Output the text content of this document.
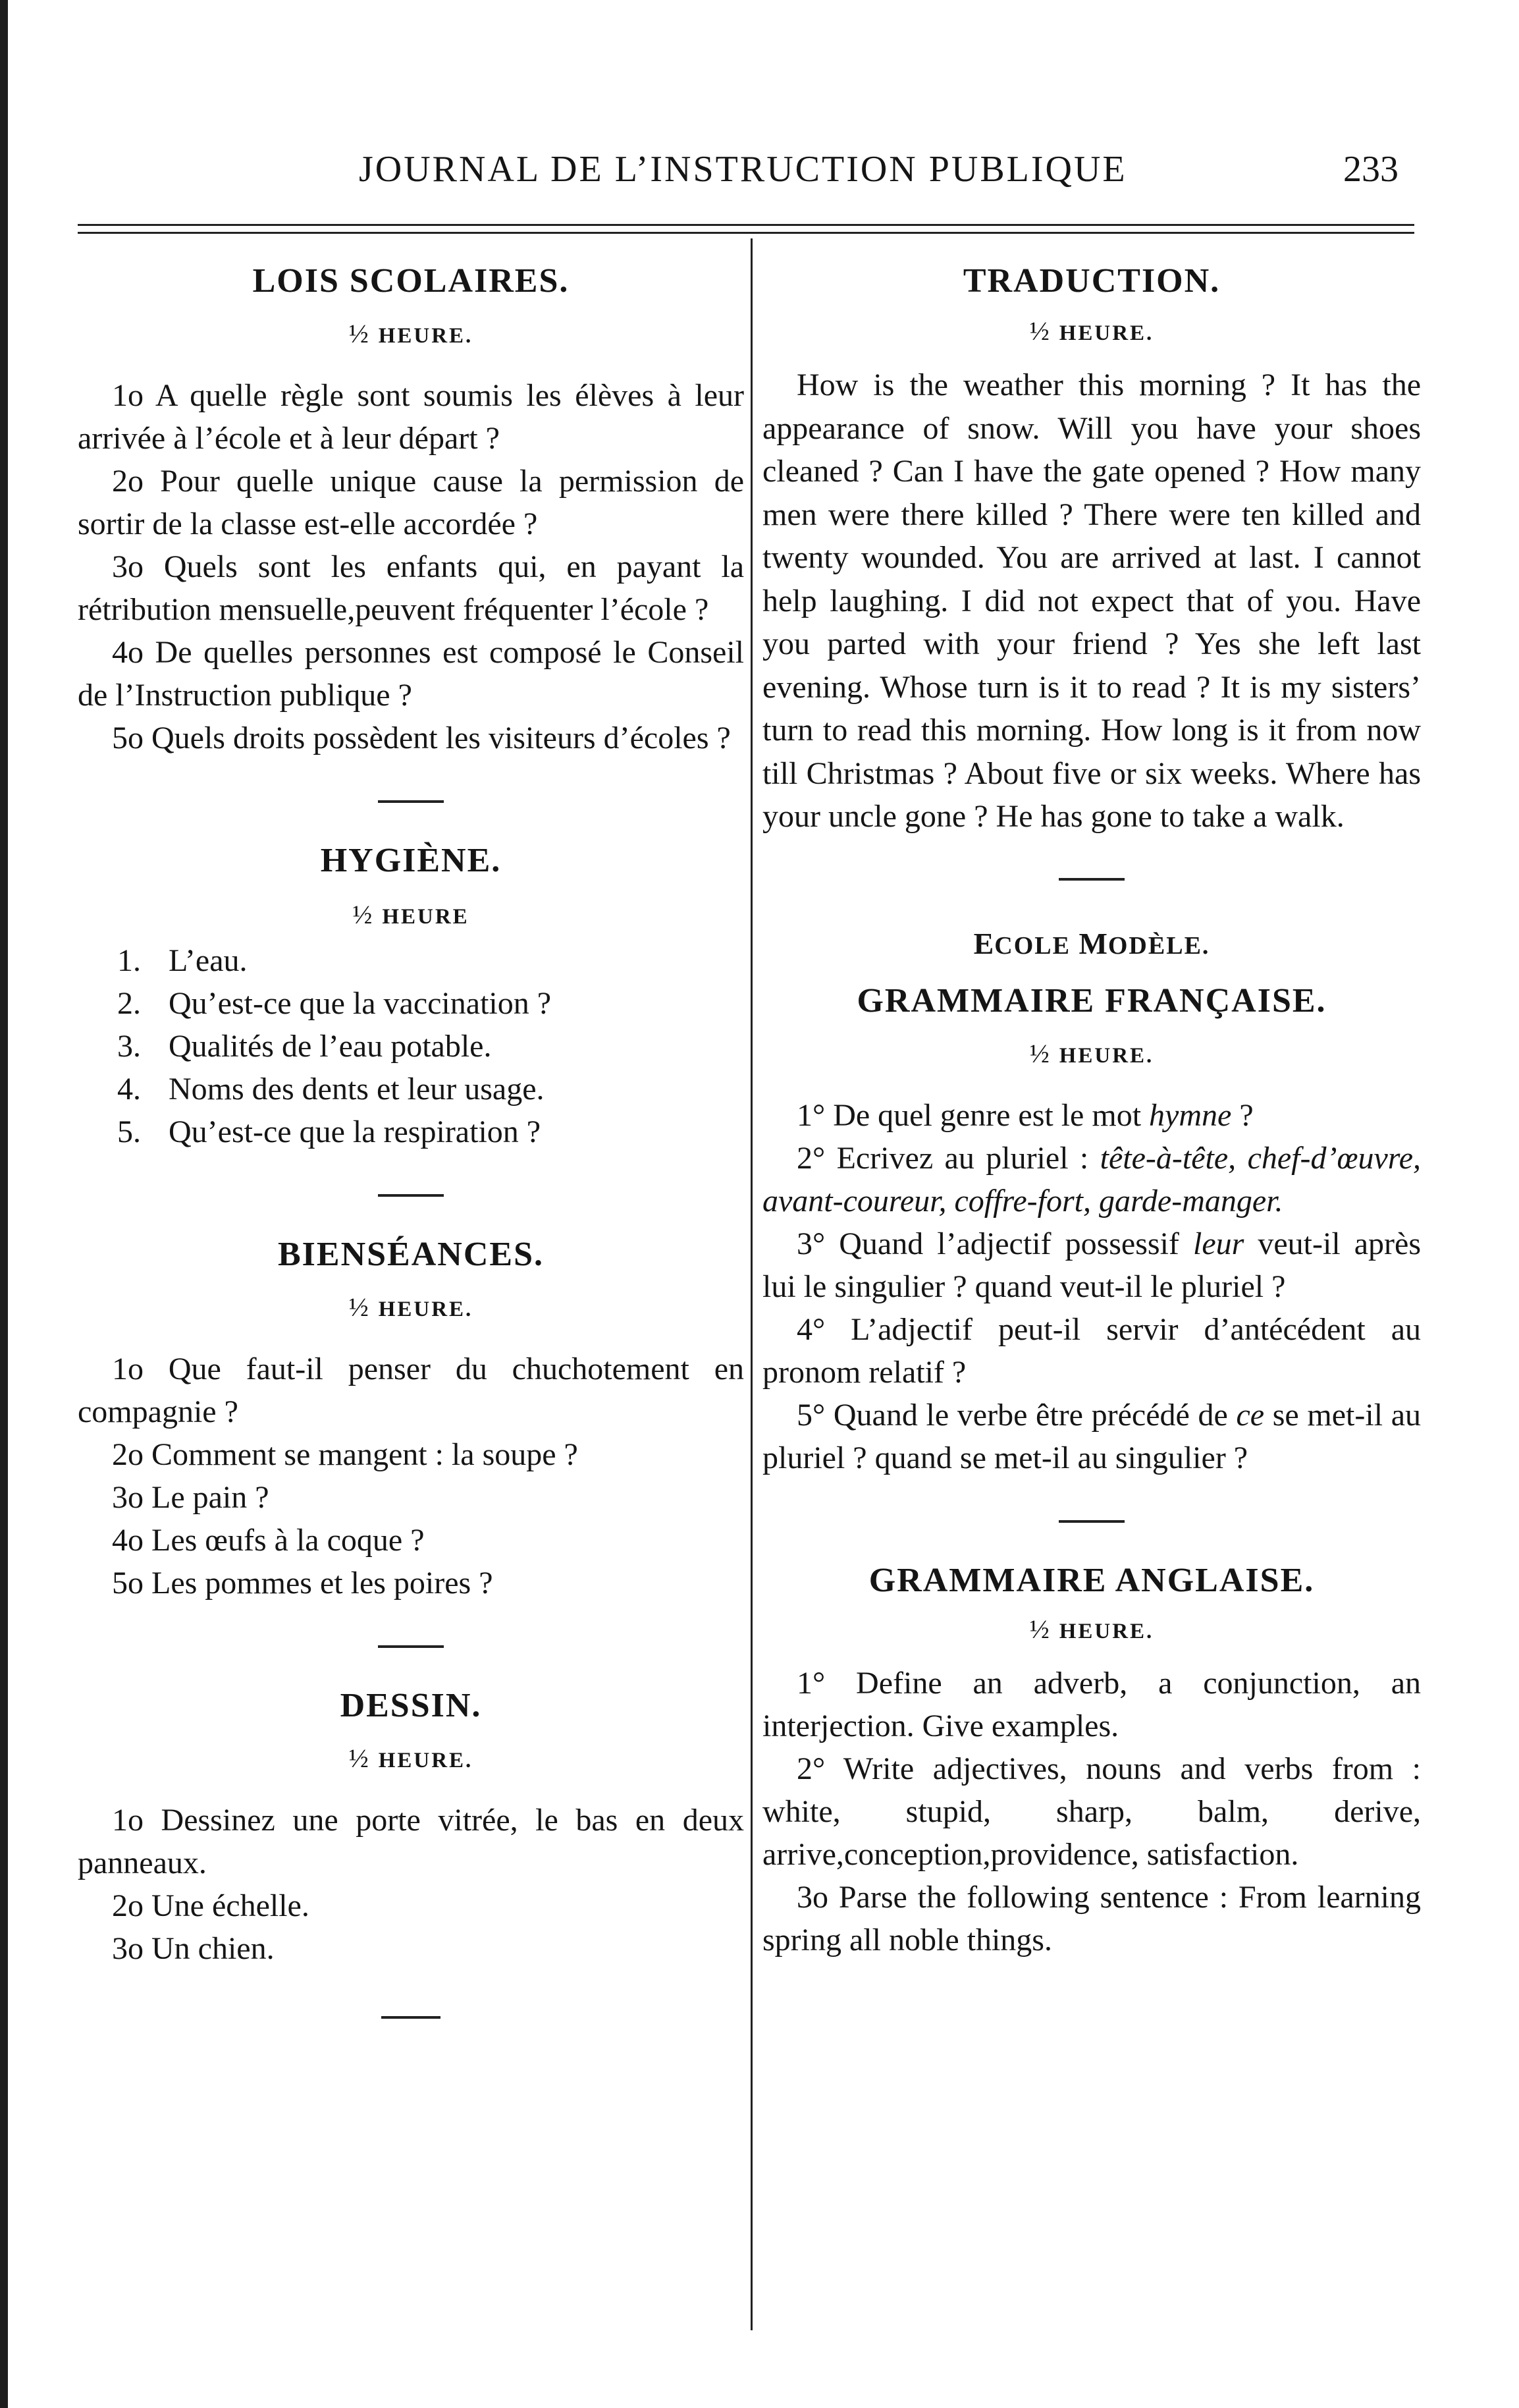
JOURNAL DE L’INSTRUCTION PUBLIQUE	233
LOIS SCOLAIRES.
½ HEURE.

1o A quelle règle sont soumis les élèves à leur arrivée à l’école et à leur départ ?

2o Pour quelle unique cause la permission de sortir de la classe est-elle accordée ?

3o Quels sont les enfants qui, en payant la rétribution mensuelle,peuvent fréquenter l’école ?

4o De quelles personnes est composé le Conseil de l’Instruction publique ?

5o Quels droits possèdent les visiteurs d’écoles ?

HYGIÈNE.
½ HEURE

1. L’eau.

2. Qu’est-ce que la vaccination ?

3. Qualités de l’eau potable.

4. Noms des dents et leur usage.

5. Qu’est-ce que la respiration ?

BIENSÉANCES.
½ HEURE.

1o Que faut-il penser du chuchotement en compagnie ?

2o Comment se mangent : la soupe ?

3o Le pain ?

4o Les œufs à la coque ?

5o Les pommes et les poires ?

DESSIN.
½ HEURE.

1o Dessinez une porte vitrée, le bas en deux panneaux.

2o Une échelle.

3o Un chien.

TRADUCTION.
½ HEURE.

How is the weather this morning ? It has the appearance of snow. Will you have your shoes cleaned ? Can I have the gate opened ? How many men were there killed ? There were ten killed and twenty wounded. You are arrived at last. I cannot help laughing. I did not expect that of you. Have you parted with your friend ? Yes she left last evening. Whose turn is it to read ? It is my sisters’ turn to read this morning. How long is it from now till Christmas ? About five or six weeks. Where has your uncle gone ? He has gone to take a walk.

ECOLE MODÈLE.
GRAMMAIRE FRANÇAISE.
½ HEURE.

1° De quel genre est le mot hymne ?

2° Ecrivez au pluriel : tête-à-tête, chef-d’œuvre, avant-coureur, coffre-fort, garde-manger.

3° Quand l’adjectif possessif leur veut-il après lui le singulier ? quand veut-il le pluriel ?

4° L’adjectif peut-il servir d’antécédent au pronom relatif ?

5° Quand le verbe être précédé de ce se met-il au pluriel ? quand se met-il au singulier ?

GRAMMAIRE ANGLAISE.
½ HEURE.

1° Define an adverb, a conjunction, an interjection. Give examples.

2° Write adjectives, nouns and verbs from : white, stupid, sharp, balm, derive, arrive,conception,providence, satisfaction.

3o Parse the following sentence : From learning spring all noble things.
